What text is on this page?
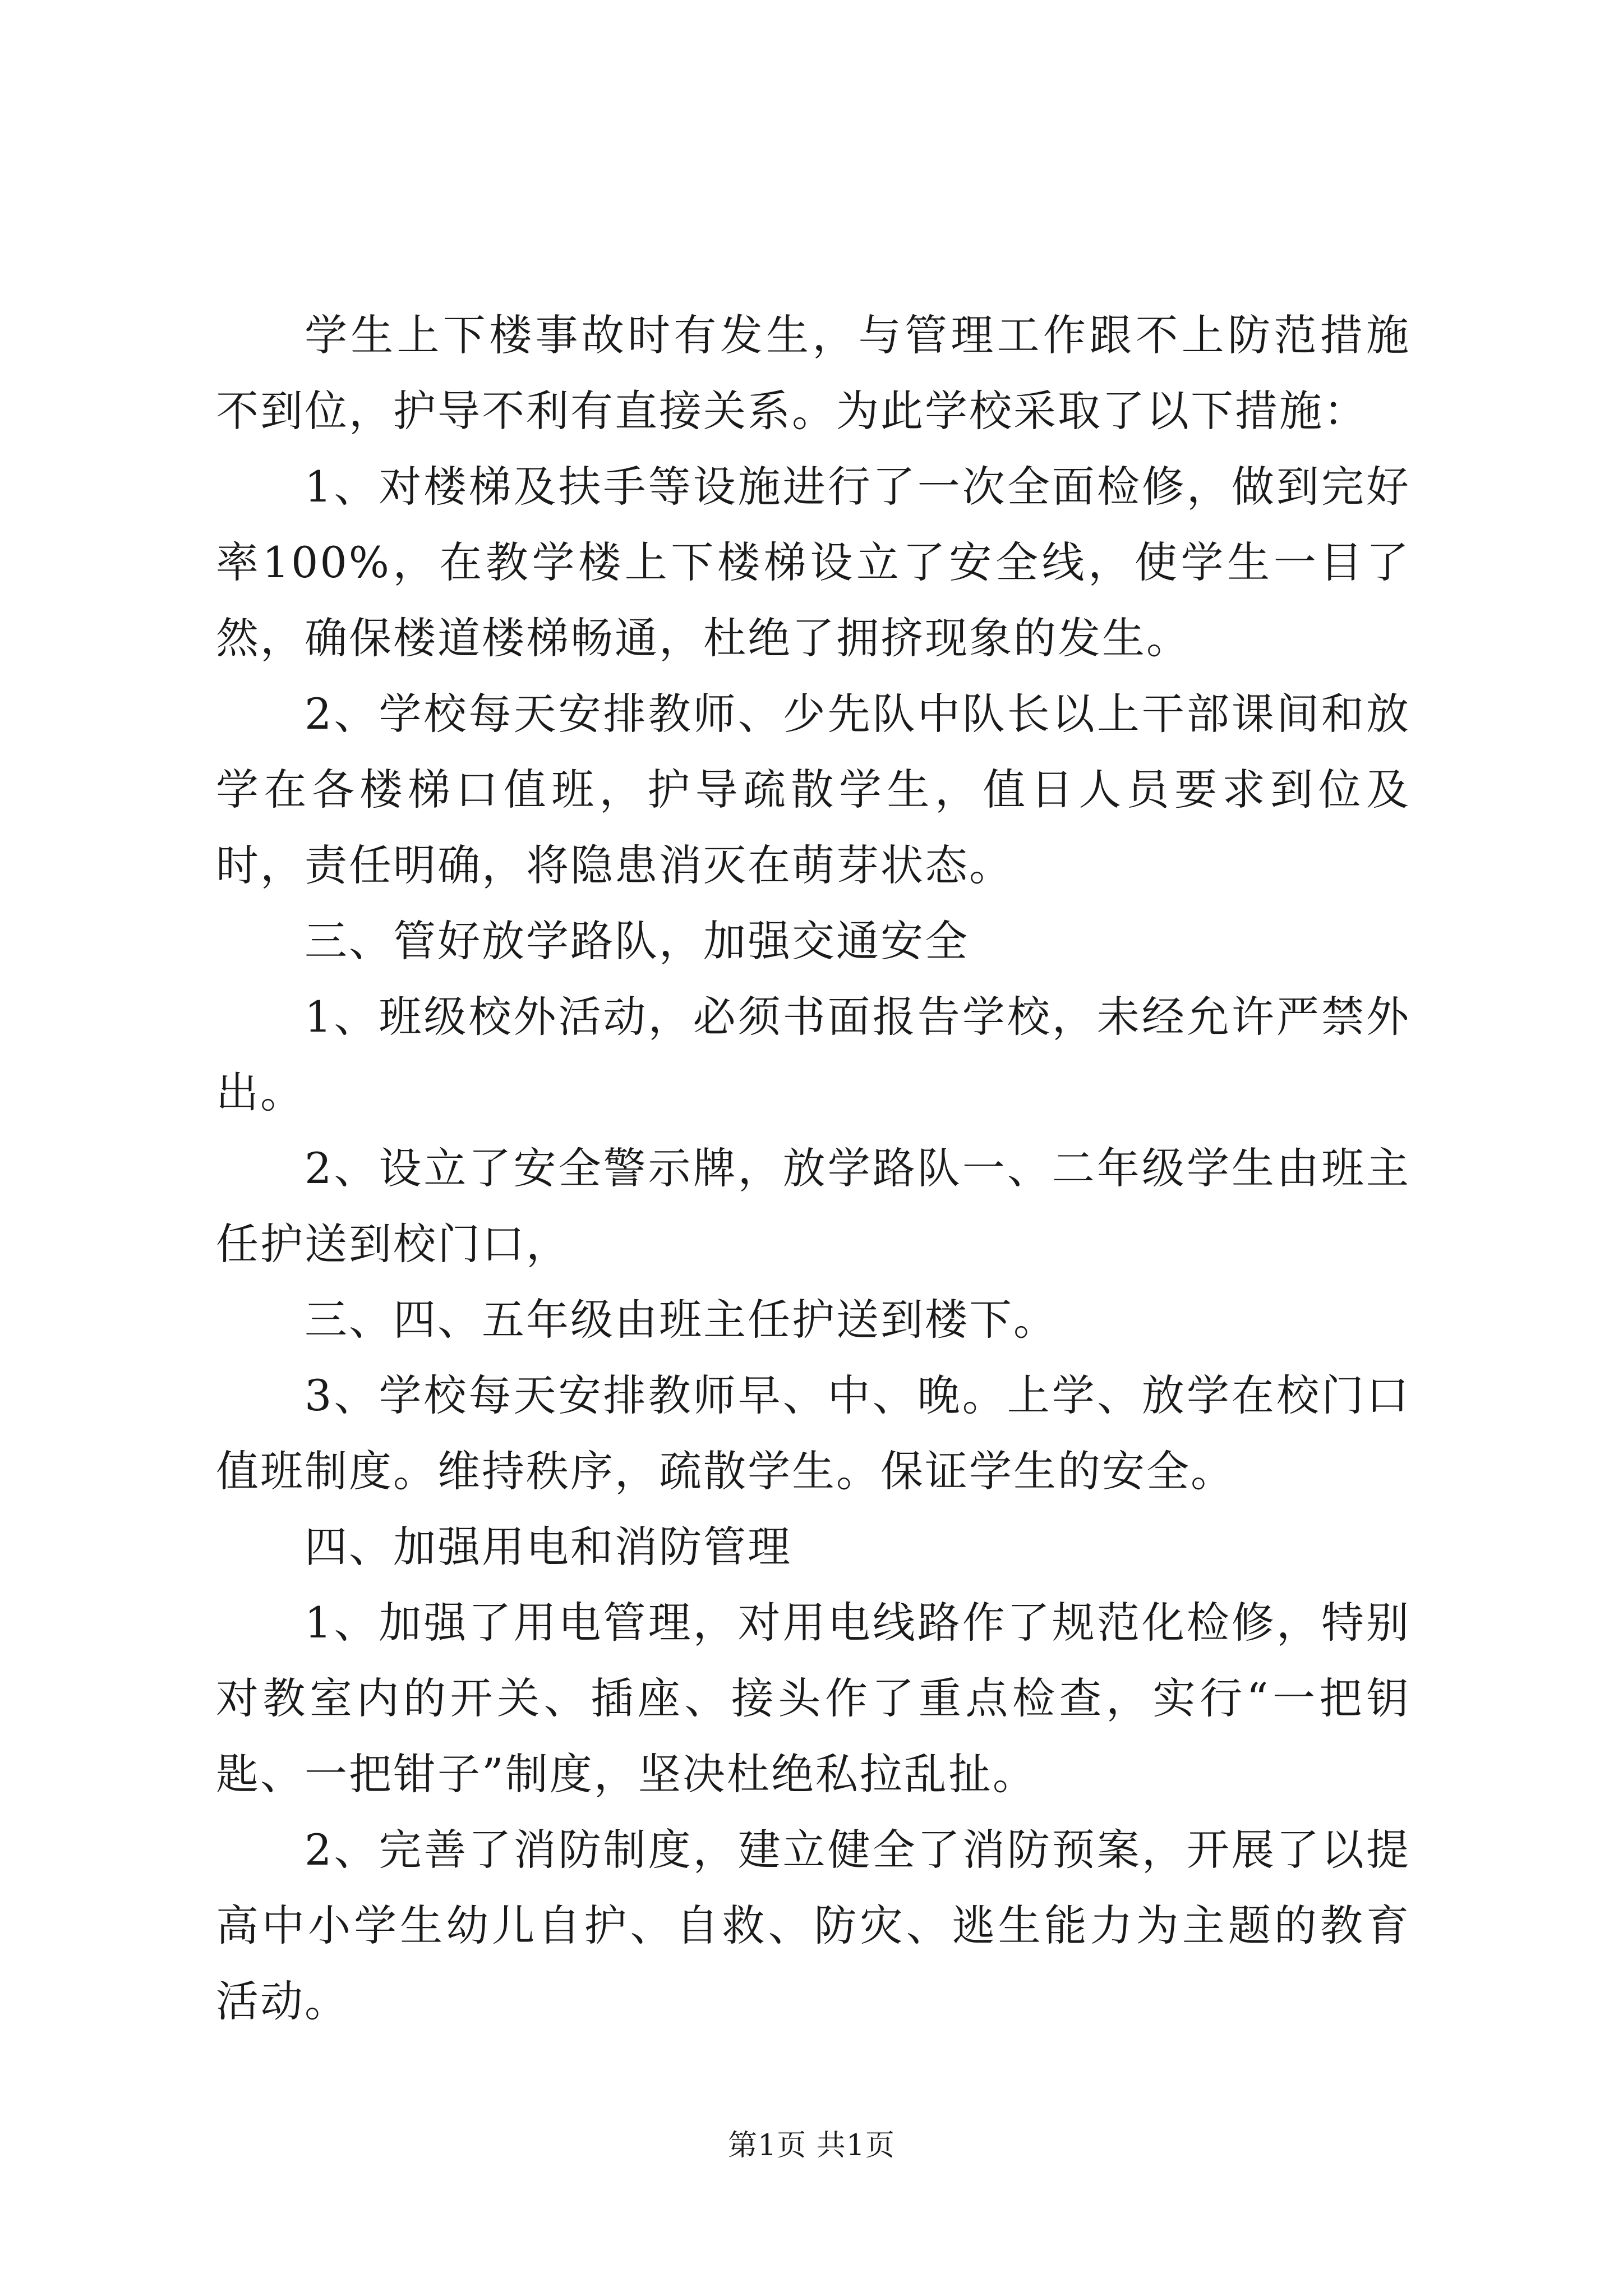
学生上下楼事故时有发生，与管理工作跟不上防范措施不到位，护导不利有直接关系。为此学校采取了以下措施：

1、对楼梯及扶手等设施进行了一次全面检修，做到完好率100%，在教学楼上下楼梯设立了安全线，使学生一目了然，确保楼道楼梯畅通，杜绝了拥挤现象的发生。

2、学校每天安排教师、少先队中队长以上干部课间和放学在各楼梯口值班，护导疏散学生，值日人员要求到位及时，责任明确，将隐患消灭在萌芽状态。

三、管好放学路队，加强交通安全

1、班级校外活动，必须书面报告学校，未经允许严禁外出。

2、设立了安全警示牌，放学路队一、二年级学生由班主任护送到校门口，

三、四、五年级由班主任护送到楼下。

3、学校每天安排教师早、中、晚。上学、放学在校门口值班制度。维持秩序，疏散学生。保证学生的安全。

四、加强用电和消防管理

1、加强了用电管理，对用电线路作了规范化检修，特别对教室内的开关、插座、接头作了重点检查，实行“一把钥匙、一把钳子”制度，坚决杜绝私拉乱扯。

2、完善了消防制度，建立健全了消防预案，开展了以提高中小学生幼儿自护、自救、防灾、逃生能力为主题的教育活动。

第1页 共1页
